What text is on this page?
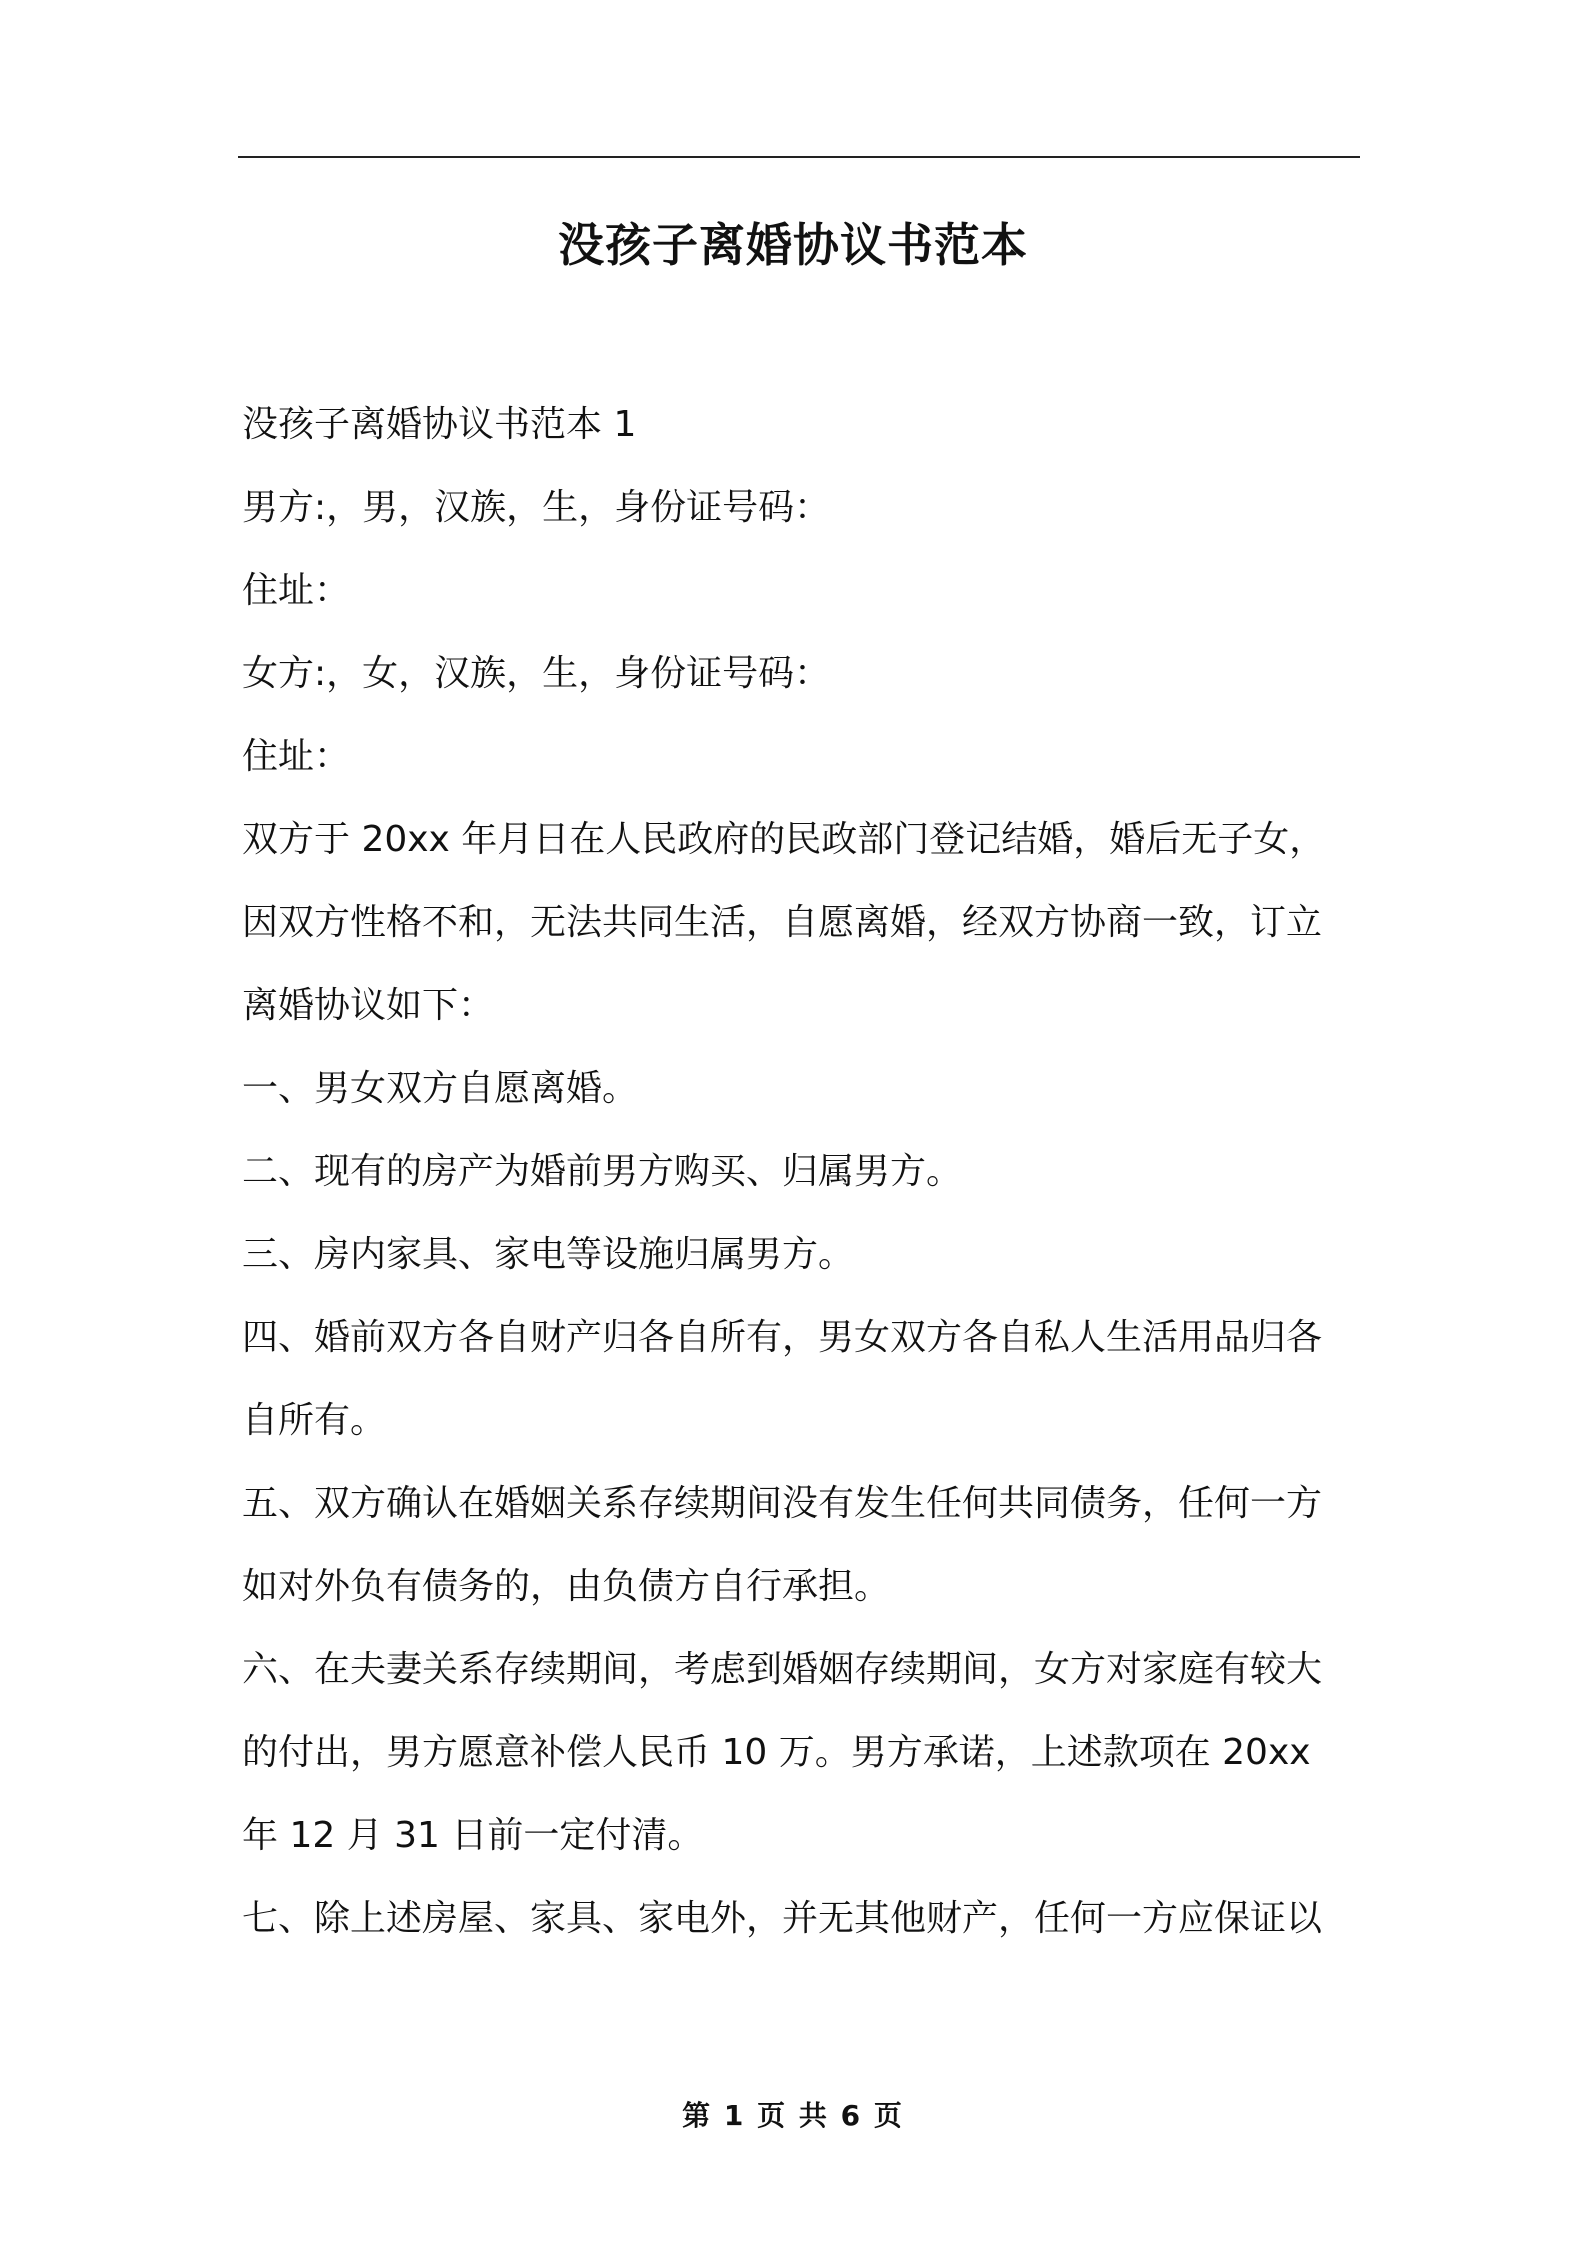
没孩子离婚协议书范本
没孩子离婚协议书范本 1
男方:，男，汉族，生，身份证号码：
住址：
女方:，女，汉族，生，身份证号码：
住址：
双方于 20xx 年月日在人民政府的民政部门登记结婚，婚后无子女，
因双方性格不和，无法共同生活，自愿离婚，经双方协商一致，订立
离婚协议如下：
一、男女双方自愿离婚。
二、现有的房产为婚前男方购买、归属男方。
三、房内家具、家电等设施归属男方。
四、婚前双方各自财产归各自所有，男女双方各自私人生活用品归各
自所有。
五、双方确认在婚姻关系存续期间没有发生任何共同债务，任何一方
如对外负有债务的，由负债方自行承担。
六、在夫妻关系存续期间，考虑到婚姻存续期间，女方对家庭有较大
的付出，男方愿意补偿人民币 10 万。男方承诺，上述款项在 20xx
年 12 月 31 日前一定付清。
七、除上述房屋、家具、家电外，并无其他财产，任何一方应保证以
第 1 页 共 6 页
